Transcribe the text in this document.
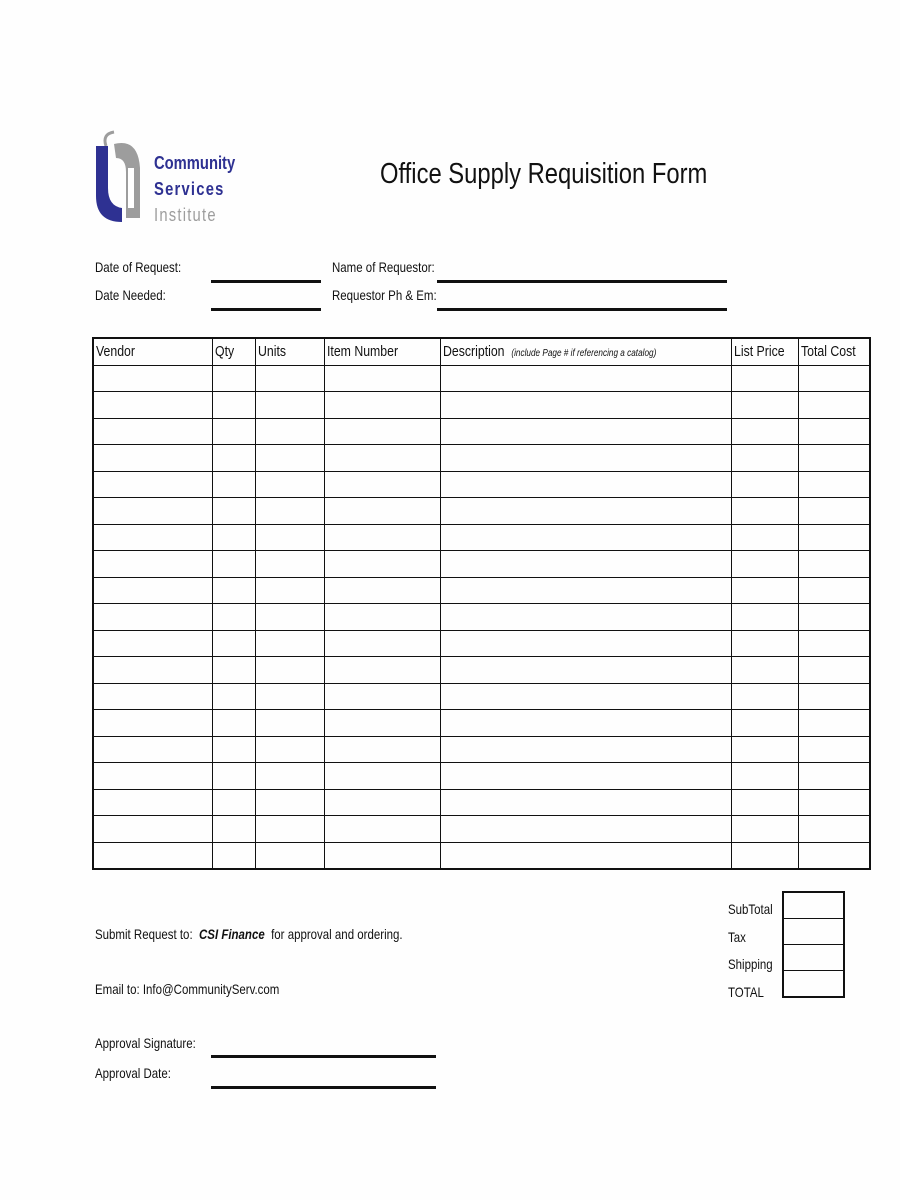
Community
Services
Institute
Office Supply Requisition Form
Date of Request:
Date Needed:
Name of Requestor:
Requestor Ph & Em:
Vendor	Qty	Units	Item Number	Description (include Page # if referencing a catalog)	List Price	Total Cost

SubTotal
Tax
Shipping
TOTAL

Submit Request to: CSI Finance for approval and ordering.
Email to: Info@CommunityServ.com
Approval Signature:
Approval Date:
